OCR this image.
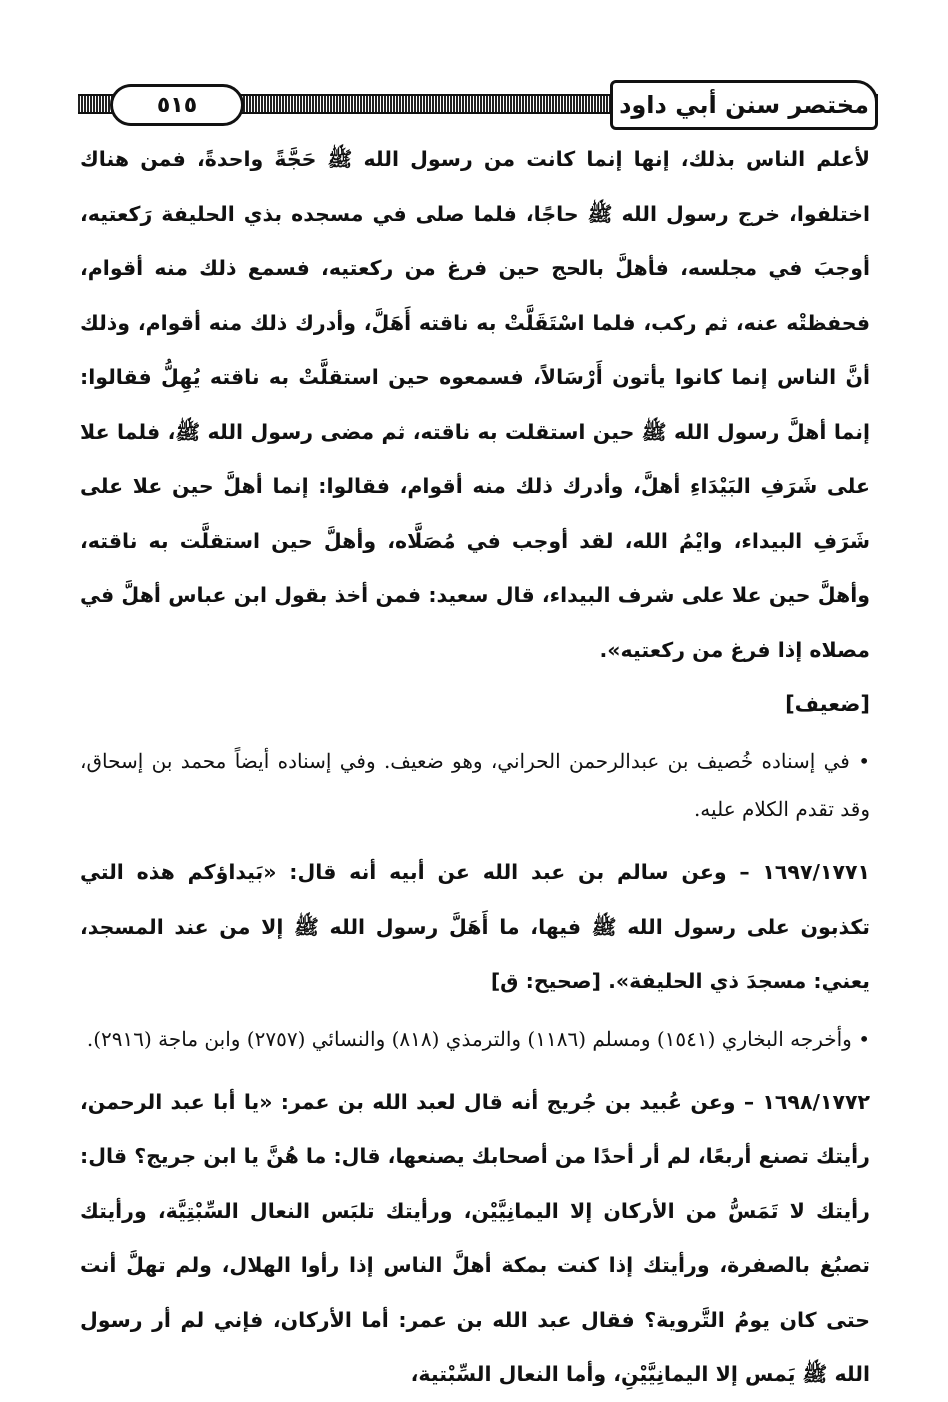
مختصر سنن أبي داود
٥١٥

لأعلم الناس بذلك، إنها إنما كانت من رسول الله ﷺ حَجَّةً واحدةً، فمن هناك اختلفوا، خرج رسول الله ﷺ حاجًا، فلما صلى في مسجده بذي الحليفة رَكعتيه، أوجبَ في مجلسه، فأهلَّ بالحج حين فرغ من ركعتيه، فسمع ذلك منه أقوام، فحفظتْه عنه، ثم ركب، فلما اسْتَقَلَّتْ به ناقته أَهَلَّ، وأدرك ذلك منه أقوام، وذلك أنَّ الناس إنما كانوا يأتون أَرْسَالاً، فسمعوه حين استقلَّتْ به ناقته يُهِلُّ فقالوا: إنما أهلَّ رسول الله ﷺ حين استقلت به ناقته، ثم مضى رسول الله ﷺ، فلما علا على شَرَفِ البَيْدَاءِ أهلَّ، وأدرك ذلك منه أقوام، فقالوا: إنما أهلَّ حين علا على شَرَفِ البيداء، وايْمُ الله، لقد أوجب في مُصَلَّاه، وأهلَّ حين استقلَّت به ناقته، وأهلَّ حين علا على شرف البيداء، قال سعيد: فمن أخذ بقول ابن عباس أهلَّ في مصلاه إذا فرغ من ركعتيه».

[ضعيف]

• في إسناده خُصيف بن عبدالرحمن الحراني، وهو ضعيف. وفي إسناده أيضاً محمد بن إسحاق، وقد تقدم الكلام عليه.

١٦٩٧/١٧٧١ – وعن سالم بن عبد الله عن أبيه أنه قال: «بَيداؤكم هذه التي تكذبون على رسول الله ﷺ فيها، ما أَهَلَّ رسول الله ﷺ إلا من عند المسجد، يعني: مسجدَ ذي الحليفة». [صحيح: ق]

• وأخرجه البخاري (١٥٤١) ومسلم (١١٨٦) والترمذي (٨١٨) والنسائي (٢٧٥٧) وابن ماجة (٢٩١٦).

١٦٩٨/١٧٧٢ – وعن عُبيد بن جُريج أنه قال لعبد الله بن عمر: «يا أبا عبد الرحمن، رأيتك تصنع أربعًا، لم أر أحدًا من أصحابك يصنعها، قال: ما هُنَّ يا ابن جريج؟ قال: رأيتك لا تَمَسُّ من الأركان إلا اليمانِيَّيْن، ورأيتك تلبَس النعال السِّبْتِيَّة، ورأيتك تصبُغ بالصفرة، ورأيتك إذا كنت بمكة أهلَّ الناس إذا رأوا الهلال، ولم تهلَّ أنت حتى كان يومُ التَّروية؟ فقال عبد الله بن عمر: أما الأركان، فإني لم أر رسول الله ﷺ يَمس إلا اليمانِيَّيْنِ، وأما النعال السِّبْتية،
